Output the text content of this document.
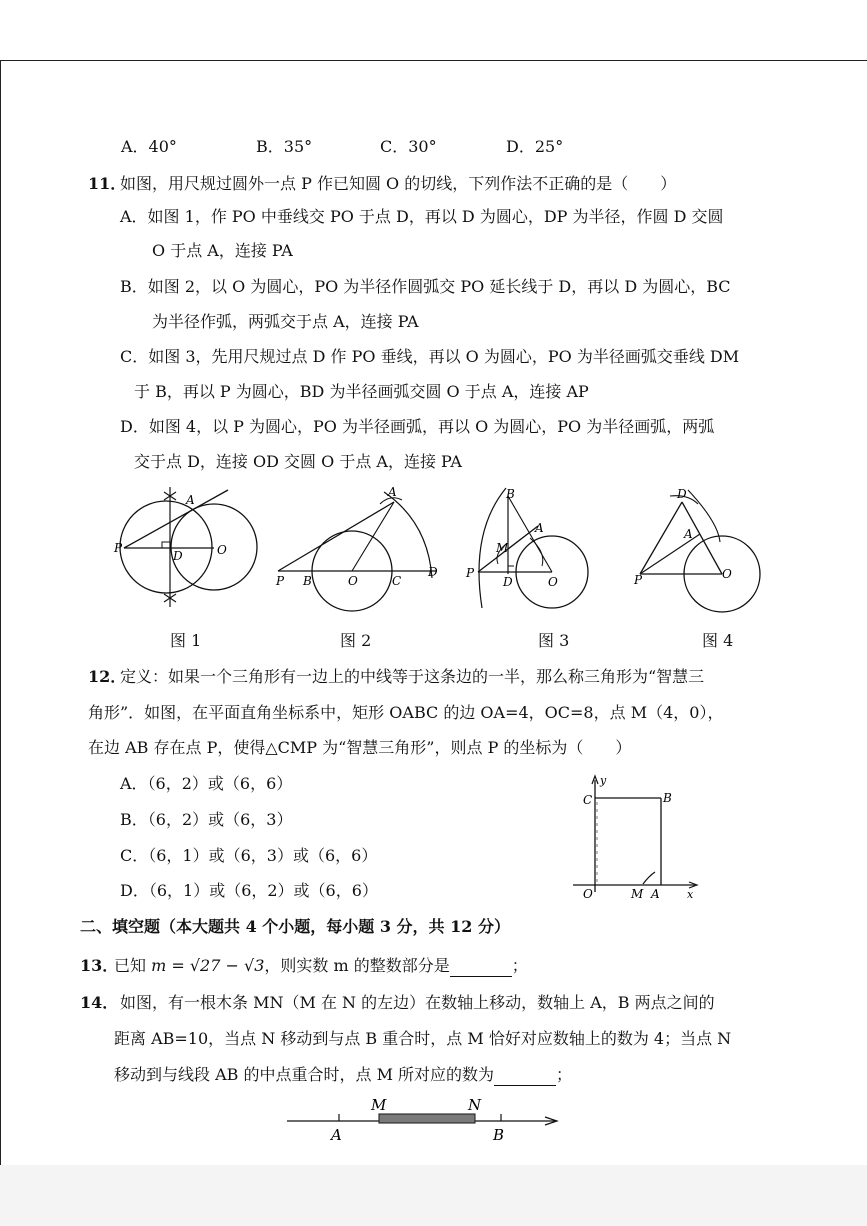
A．40°	B．35°	C．30°	D．25°
11．
如图，用尺规过圆外一点 P 作已知圆 O 的切线，下列作法不正确的是（　　）
A．如图 1，作 PO 中垂线交 PO 于点 D，再以 D 为圆心，DP 为半径，作圆 D 交圆
O 于点 A，连接 PA
B．如图 2，以 O 为圆心，PO 为半径作圆弧交 PO 延长线于 D，再以 D 为圆心，BC
为半径作弧，两弧交于点 A，连接 PA
C．如图 3，先用尺规过点 D 作 PO 垂线，再以 O 为圆心，PO 为半径画弧交垂线 DM
于 B，再以 P 为圆心，BD 为半径画弧交圆 O 于点 A，连接 AP
D．如图 4，以 P 为圆心，PO 为半径画弧，再以 O 为圆心，PO 为半径画弧，两弧
交于点 D，连接 OD 交圆 O 于点 A，连接 PA
A
P
D	O
图 1
A
P B	O	C
D
图 2
B
A
M
P
D	O
图 3
D
A
P	O
图 4
12．
定义：如果一个三角形有一边上的中线等于这条边的一半，那么称三角形为“智慧三
角形”．如图，在平面直角坐标系中，矩形 OABC 的边 OA=4，OC=8，点 M（4，0），
在边 AB 存在点 P，使得△CMP 为“智慧三角形”，则点 P 的坐标为（　　）
A．（6，2）或（6，6）
B．（6，2）或（6，3）
C．（6，1）或（6，3）或（6，6）
D．（6，1）或（6，2）或（6，6）
y
C	B
O	M A x
二、填空题（本大题共 4 个小题，每小题 3 分，共 12 分）
13．
已知 m = √27 − √3，则实数 m 的整数部分是	；
14． 如图，有一根木条 MN（M 在 N 的左边）在数轴上移动，数轴上 A，B 两点之间的
距离 AB=10，当点 N 移动到与点 B 重合时，点 M 恰好对应数轴上的数为 4；当点 N
移动到与线段 AB 的中点重合时，点 M 所对应的数为	；
M	N
A	B
